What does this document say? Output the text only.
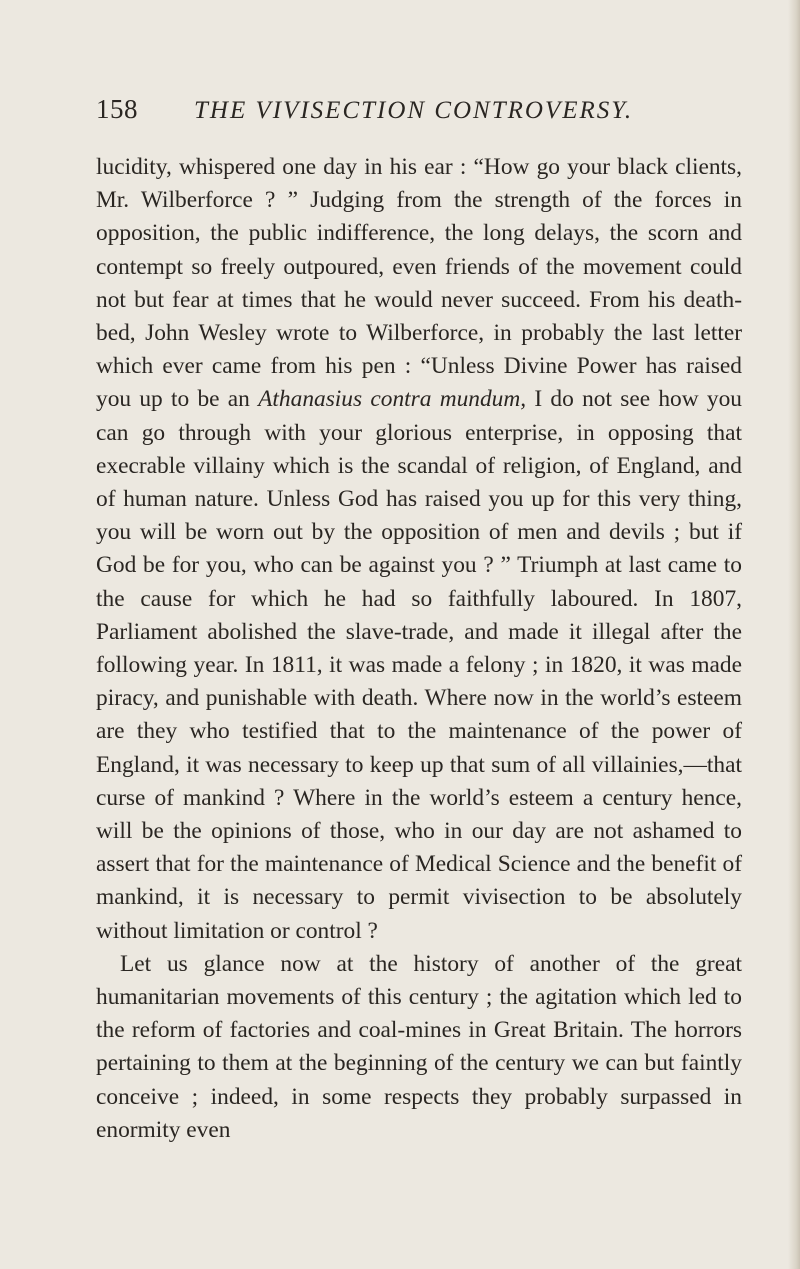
158 THE VIVISECTION CONTROVERSY.

lucidity, whispered one day in his ear : “How go your black clients, Mr. Wilberforce ? ” Judging from the strength of the forces in opposition, the public indifference, the long delays, the scorn and contempt so freely outpoured, even friends of the movement could not but fear at times that he would never succeed. From his death-bed, John Wesley wrote to Wilberforce, in probably the last letter which ever came from his pen : “Unless Divine Power has raised you up to be an Athanasius contra mundum, I do not see how you can go through with your glorious enterprise, in opposing that execrable villainy which is the scandal of religion, of England, and of human nature. Unless God has raised you up for this very thing, you will be worn out by the opposition of men and devils ; but if God be for you, who can be against you ? ” Triumph at last came to the cause for which he had so faithfully laboured. In 1807, Parliament abolished the slave-trade, and made it illegal after the following year. In 1811, it was made a felony ; in 1820, it was made piracy, and punishable with death. Where now in the world’s esteem are they who testified that to the maintenance of the power of England, it was necessary to keep up that sum of all villainies,—that curse of mankind ? Where in the world’s esteem a century hence, will be the opinions of those, who in our day are not ashamed to assert that for the maintenance of Medical Science and the benefit of mankind, it is necessary to permit vivisection to be absolutely without limitation or control ?

Let us glance now at the history of another of the great humanitarian movements of this century ; the agitation which led to the reform of factories and coal-mines in Great Britain. The horrors pertaining to them at the beginning of the century we can but faintly conceive ; indeed, in some respects they probably surpassed in enormity even
